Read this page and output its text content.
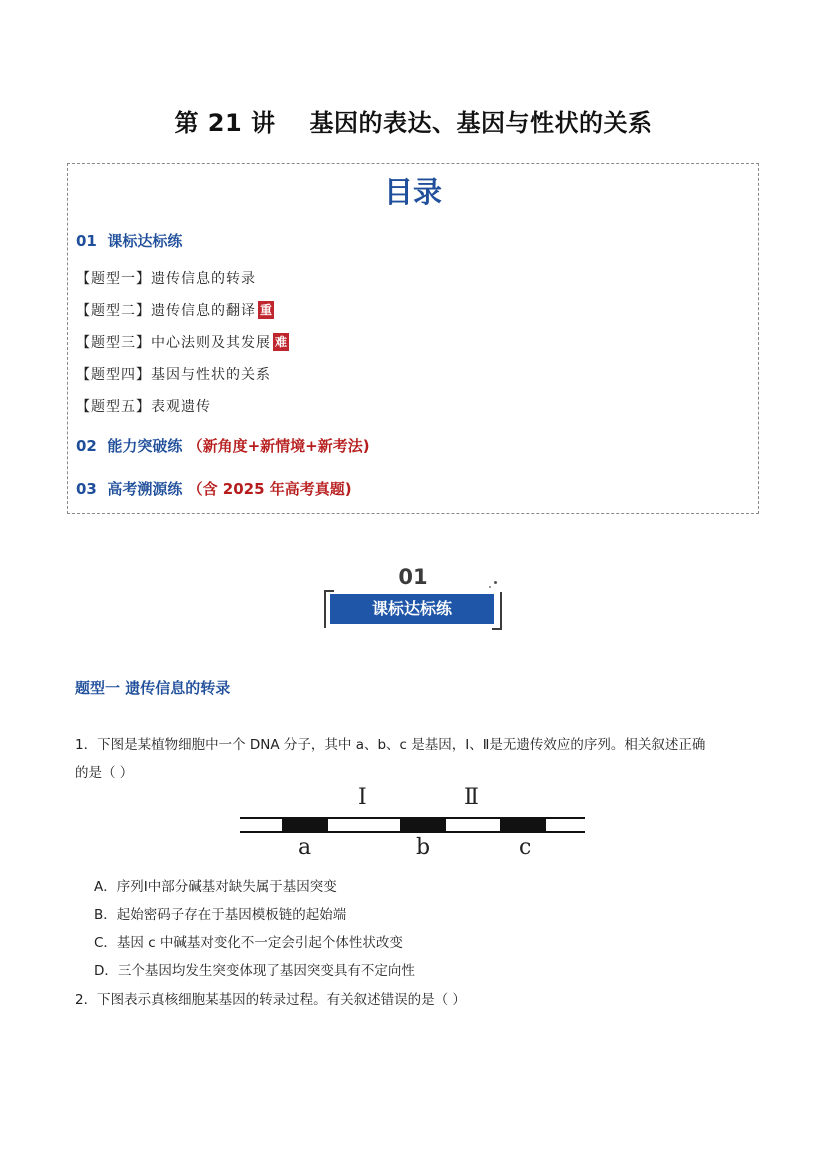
第 21 讲 基因的表达、基因与性状的关系
目录
01 课标达标练
【题型一】遗传信息的转录
【题型二】遗传信息的翻译 重
【题型三】中心法则及其发展 难
【题型四】基因与性状的关系
【题型五】表观遗传
02 能力突破练 （新角度+新情境+新考法)
03 高考溯源练 （含 2025 年高考真题)
01
课标达标练
题型一 遗传信息的转录
1．下图是某植物细胞中一个 DNA 分子，其中 a、b、c 是基因，Ⅰ、Ⅱ是无遗传效应的序列。相关叙述正确
的是（ ）
I	Ⅱ
a	b	c
A．序列Ⅰ中部分碱基对缺失属于基因突变
B．起始密码子存在于基因模板链的起始端
C．基因 c 中碱基对变化不一定会引起个体性状改变
D．三个基因均发生突变体现了基因突变具有不定向性
2．下图表示真核细胞某基因的转录过程。有关叙述错误的是（ ）
